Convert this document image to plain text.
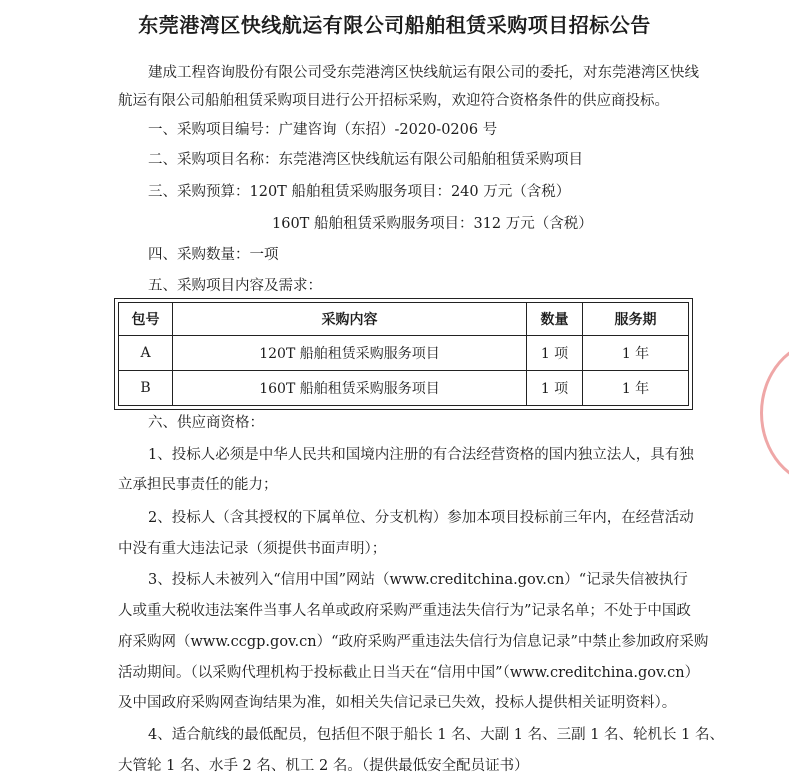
东莞港湾区快线航运有限公司船舶租赁采购项目招标公告
建成工程咨询股份有限公司受东莞港湾区快线航运有限公司的委托，对东莞港湾区快线
航运有限公司船舶租赁采购项目进行公开招标采购，欢迎符合资格条件的供应商投标。
一、采购项目编号：广建咨询（东招）-2020-0206 号
二、采购项目名称：东莞港湾区快线航运有限公司船舶租赁采购项目
三、采购预算：120T 船舶租赁采购服务项目：240 万元（含税）
160T 船舶租赁采购服务项目：312 万元（含税）
四、采购数量：一项
五、采购项目内容及需求：
包号	采购内容	数量	服务期
A	120T 船舶租赁采购服务项目	1 项	1 年
B	160T 船舶租赁采购服务项目	1 项	1 年
六、供应商资格：
1、投标人必须是中华人民共和国境内注册的有合法经营资格的国内独立法人，具有独
立承担民事责任的能力；
2、投标人（含其授权的下属单位、分支机构）参加本项目投标前三年内，在经营活动
中没有重大违法记录（须提供书面声明）；
3、投标人未被列入“信用中国”网站（www.creditchina.gov.cn）“记录失信被执行
人或重大税收违法案件当事人名单或政府采购严重违法失信行为”记录名单；不处于中国政
府采购网（www.ccgp.gov.cn）“政府采购严重违法失信行为信息记录”中禁止参加政府采购
活动期间。（以采购代理机构于投标截止日当天在“信用中国”（www.creditchina.gov.cn）
及中国政府采购网查询结果为准，如相关失信记录已失效，投标人提供相关证明资料）。
4、适合航线的最低配员，包括但不限于船长 1 名、大副 1 名、三副 1 名、轮机长 1 名、
大管轮 1 名、水手 2 名、机工 2 名。（提供最低安全配员证书）
